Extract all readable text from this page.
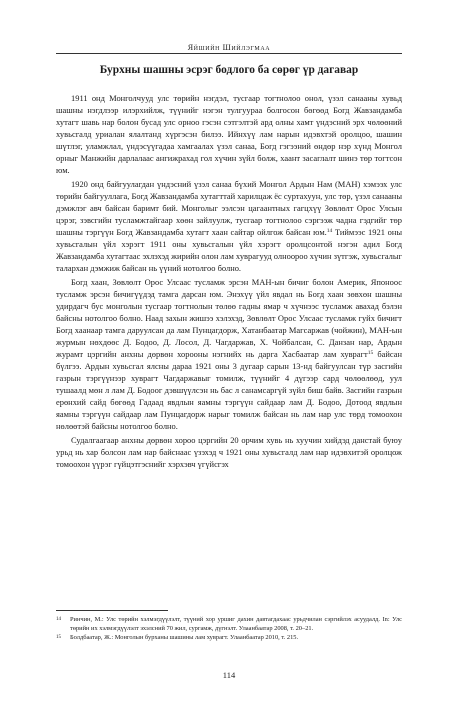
Яйшийн Шийлэгмаа
Бурхны шашны эсрэг бодлого ба сөрөг үр дагавар

1911 онд Монголчууд улс төрийн нэгдэл, тусгаар тогтнолоо онол, үзэл санааны хувьд шашны нэгдлээр илэрхийлж, түүнийг нэгэн тулгуураа болгосон бөгөөд Богд Жавзандамба хутагт шавь нар болон бусад улс орноо гэсэн сэтгэлтэй ард олны хамт үндэсний эрх чөлөөний хувьсгалд уриалан ялалтанд хүргэсэн билээ. Ийнхүү лам нарын идэвхтэй оролцоо, шашин шүтлэг, уламжлал, үндэсүүгадаа хамгаалах үзэл санаа, Богд гэгээний өндөр нэр хүнд Монгол орныг Манжийн дарлалаас ангижрахад гол хүчин зүйл болж, хаант засаглалт шинэ төр тогтсон юм.

1920 онд байгуулагдан үндэсний үзэл санаа бүхий Монгол Ардын Нам (МАН) хэмээх улс төрийн байгууллага, Богд Жавзандамба хутагттай харилцаж ёс суртахуун, улс төр, үзэл санааны дэмжлэг авч байсан баримт бий. Монголыг ээлсэн цагаантных гагцхүү Зөвлөлт Орос Улсын цэрэг, зэвсгийн тусламжтайгаар хөөн зайлуулж, тусгаар тогтнолоо сэргээж чадна гэдгийг төр шашны тэргүүн Богд Жавзандамба хутагт хаан сайтар ойлгож байсан юм.$^{14}$ Тиймээс 1921 оны хувьсгалын үйл хэрэгт 1911 оны хувьсгалын үйл хэрэгт оролцсонтой нэгэн адил Богд Жавзандамба хутагтаас эхлэхэд жирийн олон лам хуврагууд олноороо хүчин зүтгэж, хувьсгалыг талархан дэмжиж байсан нь үүний нотолгоо болно.

Богд хаан, Зөвлөлт Орос Улсаас тусламж эрсэн МАН-ын бичиг болон Америк, Японоос тусламж эрсэн бичигүүдэд тамга дарсан юм. Энэхүү үйл явдал нь Богд хаан зөвхөн шашны удирдагч бус монголын тусгаар тогтнолын төлөө гадны ямар ч хүчнээс тусламж авахад бэлэн байсны нотолгоо болно. Наад захын жишээ хэлэхэд, Зөвлөлт Орос Улсаас тусламж гуйх бичигт Богд хаанаар тамга даруулсан да лам Пунцагдорж, Хатанбаатар Магсаржав (чойжин), МАН-ын журмын нөхдөөс Д. Бодоо, Д. Лосол, Д. Чагдаржав, Х. Чойбалсан, С. Данзан нар, Ардын журамт цэргийн анхны дөрвөн хорооны нэгнийх нь дарга Хасбаатар лам хуврагт$^{15}$ байсан бүлгээ. Ардын хувьсгал ялсны дараа 1921 оны 3 дугаар сарын 13-нд байгуулсан түр засгийн газрын тэргүүнээр хуврагт Чагдаржавыг томилж, түүнийг 4 дүгээр сард чөлөөлөөд, уул тушаалд мөн л лам Д. Бодоог дэвшүүлсэн нь бас л санамсаргүй зүйл биш байв. Засгийн газрын ерөнхий сайд бөгөөд Гадаад явдлын яамны тэргүүн сайдаар лам Д. Бодоо, Дотоод явдлын яамны тэргүүн сайдаар лам Пунцагдорж нарыг томилж байсан нь лам нар улс төрд томоохон нөлөөтэй байсны нотолгоо болно.

Судалгаагаар анхны дөрвөн хороо цэргийн 20 орчим хувь нь хуучин хийдэд данстай буюу урьд нь хар болсон лам нар байснаас үзэхэд ч 1921 оны хувьсгалд лам нар идэвхитэй оролцож томоохон үүрэг гүйцэтгэснийг хэрхэвч үгүйсгэх

14	Ринчин, М.: Улс төрийн хэлмэгдүүлэлт, түүний хор уршиг дахин давтагдахаас урьдчилан сэргийлэх асуудалд. In: Улс төрийн их хэлмэгдүүлэлт эхэлсний 70 жил, сургамж, дүгнэлт. Улаанбаатар 2008, т. 20–21.
15	Болдбаатар, Ж.: Монголын бурханы шашины лам хуврагт. Улаанбаатар 2010, т. 215.
114
